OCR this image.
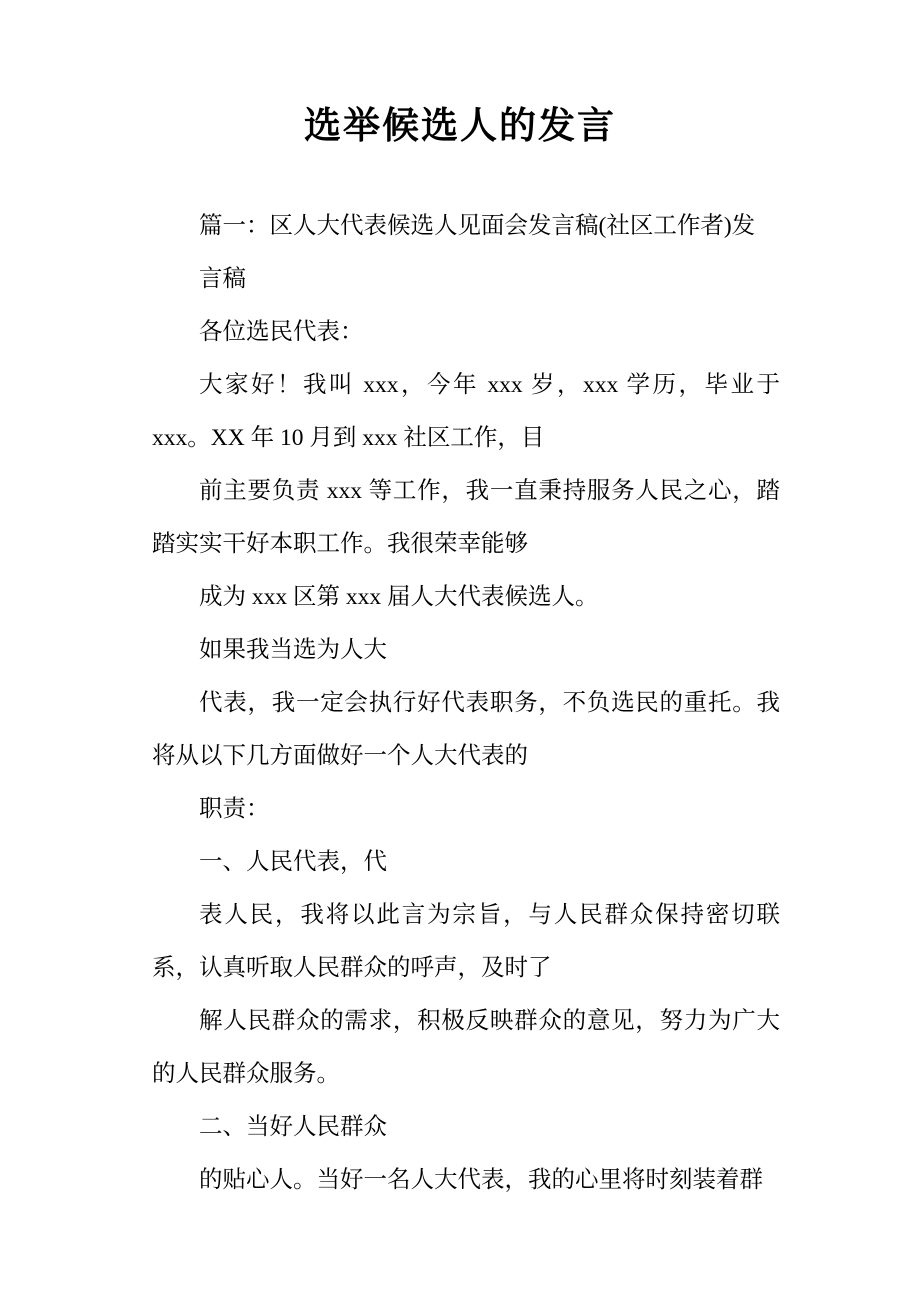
选举候选人的发言

篇一：区人大代表候选人见面会发言稿(社区工作者)发

言稿

各位选民代表：

大家好！我叫 xxx，今年 xxx 岁，xxx 学历，毕业于 xxx。XX 年 10 月到 xxx 社区工作，目

前主要负责 xxx 等工作，我一直秉持服务人民之心，踏踏实实干好本职工作。我很荣幸能够

成为 xxx 区第 xxx 届人大代表候选人。

如果我当选为人大

代表，我一定会执行好代表职务，不负选民的重托。我将从以下几方面做好一个人大代表的

职责：

一、人民代表，代

表人民，我将以此言为宗旨，与人民群众保持密切联系，认真听取人民群众的呼声，及时了

解人民群众的需求，积极反映群众的意见，努力为广大的人民群众服务。

二、当好人民群众

的贴心人。当好一名人大代表，我的心里将时刻装着群
